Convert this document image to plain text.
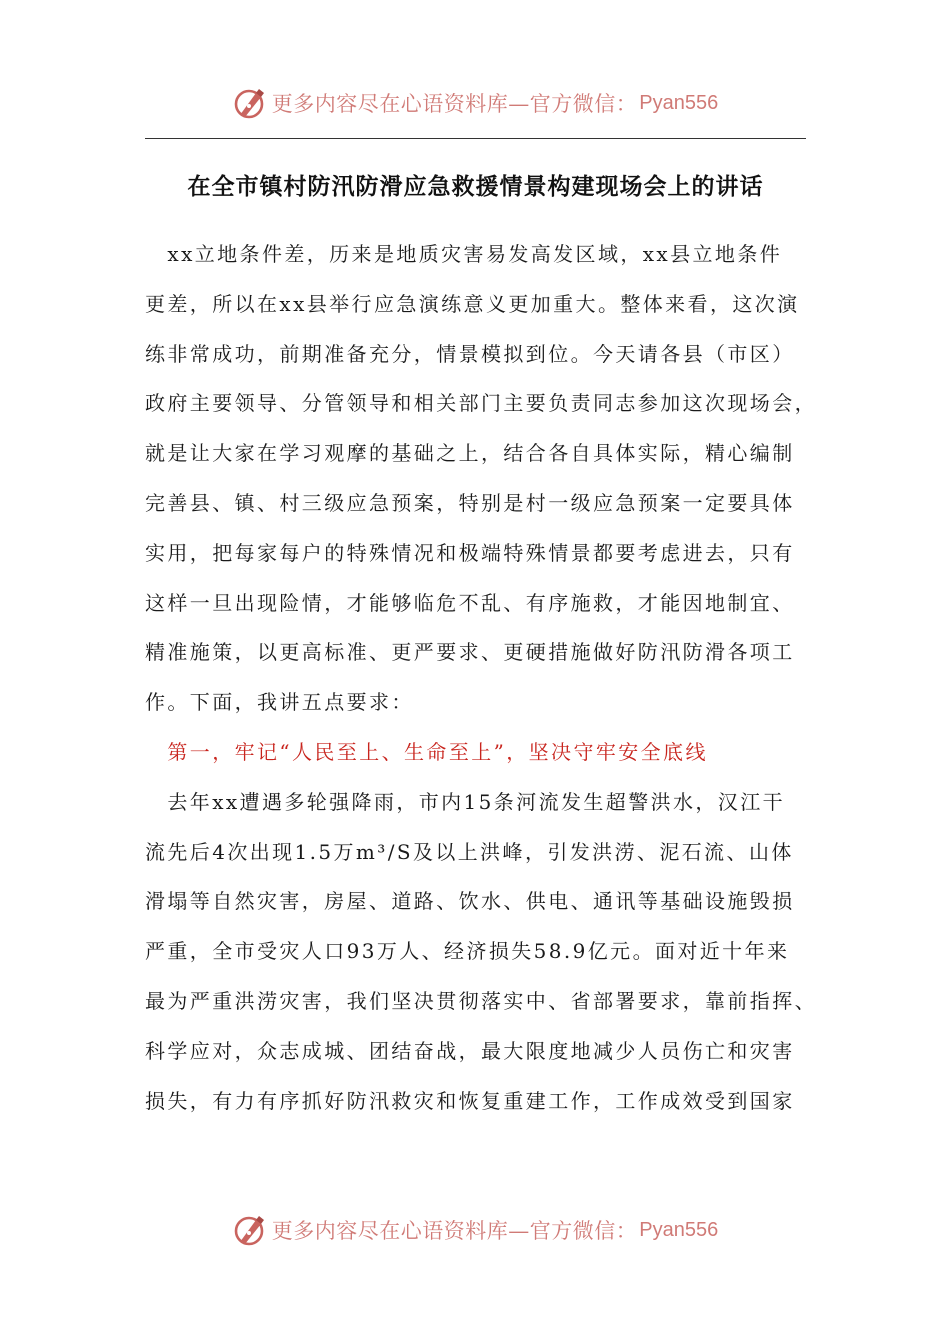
更多内容尽在心语资料库—官方微信： Pyan556
在全市镇村防汛防滑应急救援情景构建现场会上的讲话
　xx立地条件差，历来是地质灾害易发高发区域，xx县立地条件
更差，所以在xx县举行应急演练意义更加重大。整体来看，这次演
练非常成功，前期准备充分，情景模拟到位。今天请各县（市区）
政府主要领导、分管领导和相关部门主要负责同志参加这次现场会，
就是让大家在学习观摩的基础之上，结合各自具体实际，精心编制
完善县、镇、村三级应急预案，特别是村一级应急预案一定要具体
实用，把每家每户的特殊情况和极端特殊情景都要考虑进去，只有
这样一旦出现险情，才能够临危不乱、有序施救，才能因地制宜、
精准施策，以更高标准、更严要求、更硬措施做好防汛防滑各项工
作。下面，我讲五点要求：
　第一，牢记“人民至上、生命至上”，坚决守牢安全底线
　去年xx遭遇多轮强降雨，市内15条河流发生超警洪水，汉江干
流先后4次出现1.5万m³/S及以上洪峰，引发洪涝、泥石流、山体
滑塌等自然灾害，房屋、道路、饮水、供电、通讯等基础设施毁损
严重，全市受灾人口93万人、经济损失58.9亿元。面对近十年来
最为严重洪涝灾害，我们坚决贯彻落实中、省部署要求，靠前指挥、
科学应对，众志成城、团结奋战，最大限度地减少人员伤亡和灾害
损失，有力有序抓好防汛救灾和恢复重建工作，工作成效受到国家
更多内容尽在心语资料库—官方微信： Pyan556
